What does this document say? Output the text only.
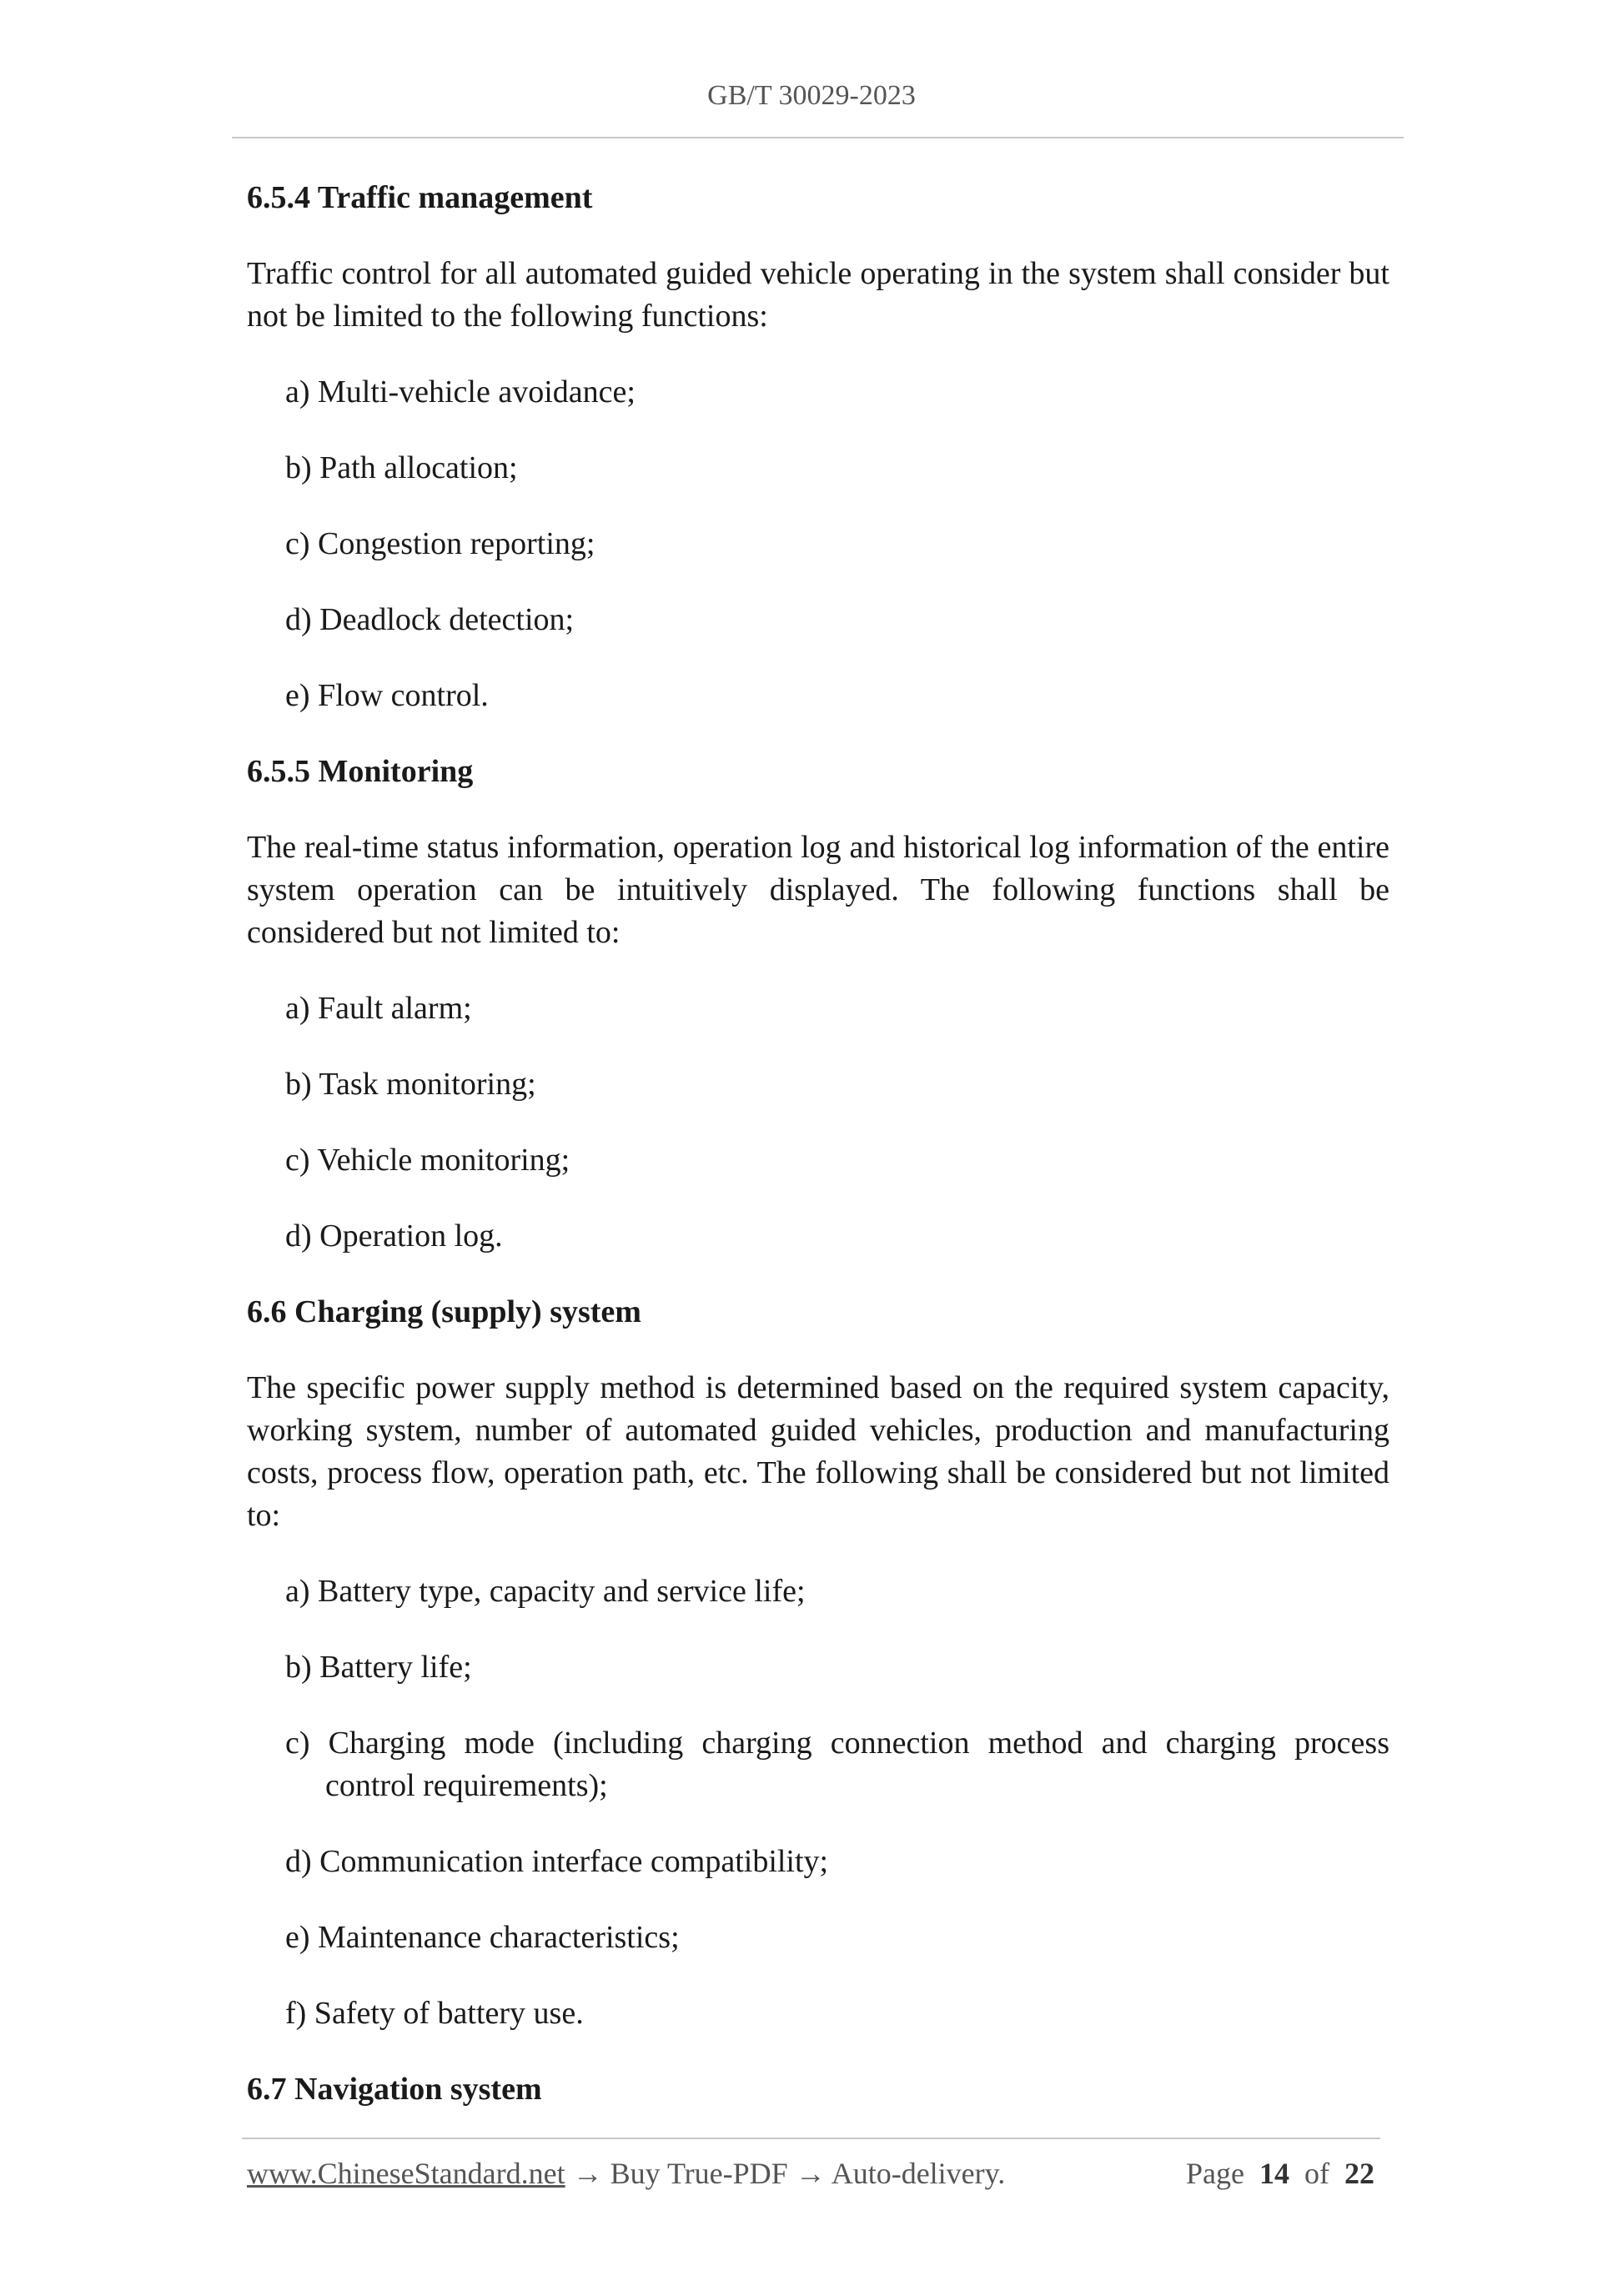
GB/T 30029-2023
6.5.4 Traffic management
Traffic control for all automated guided vehicle operating in the system shall consider but not be limited to the following functions:
a) Multi-vehicle avoidance;
b) Path allocation;
c) Congestion reporting;
d) Deadlock detection;
e) Flow control.
6.5.5 Monitoring
The real-time status information, operation log and historical log information of the entire system operation can be intuitively displayed. The following functions shall be considered but not limited to:
a) Fault alarm;
b) Task monitoring;
c) Vehicle monitoring;
d) Operation log.
6.6 Charging (supply) system
The specific power supply method is determined based on the required system capacity, working system, number of automated guided vehicles, production and manufacturing costs, process flow, operation path, etc. The following shall be considered but not limited to:
a) Battery type, capacity and service life;
b) Battery life;
c) Charging mode (including charging connection method and charging process control requirements);
d) Communication interface compatibility;
e) Maintenance characteristics;
f) Safety of battery use.
6.7 Navigation system
www.ChineseStandard.net → Buy True-PDF → Auto-delivery.	Page 14 of 22
